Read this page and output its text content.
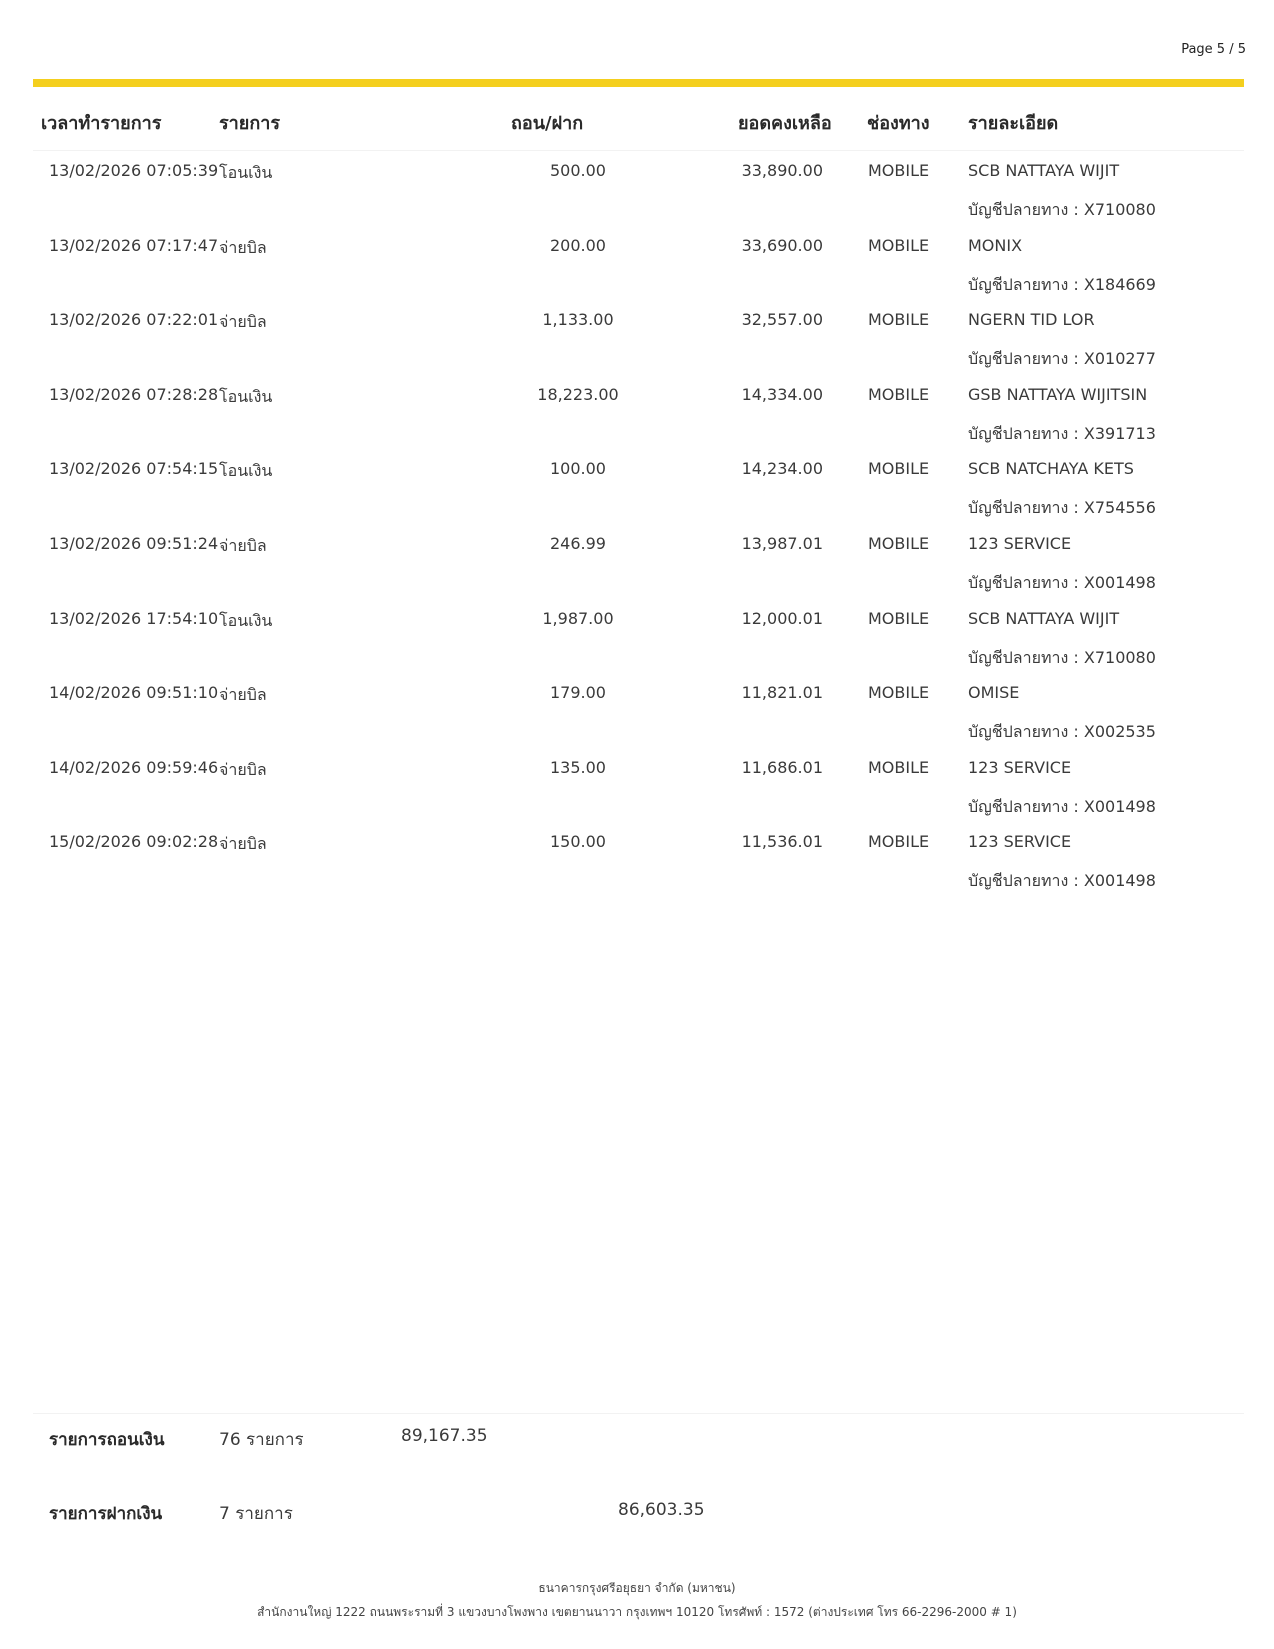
Page 5 / 5
เวลาทำรายการ	รายการ	ถอน/ฝาก	ยอดคงเหลือ ช่องทาง รายละเอียด
13/02/2026 07:05:39 โอนเงิน	500.00	33,890.00	MOBILE SCB NATTAYA WIJIT
บัญชีปลายทาง : X710080
13/02/2026 07:17:47 จ่ายบิล	200.00	33,690.00	MOBILE MONIX
บัญชีปลายทาง : X184669
13/02/2026 07:22:01 จ่ายบิล	1,133.00	32,557.00	MOBILE NGERN TID LOR
บัญชีปลายทาง : X010277
13/02/2026 07:28:28 โอนเงิน	18,223.00	14,334.00	MOBILE GSB NATTAYA WIJITSIN
บัญชีปลายทาง : X391713
13/02/2026 07:54:15 โอนเงิน	100.00	14,234.00	MOBILE SCB NATCHAYA KETS
บัญชีปลายทาง : X754556
13/02/2026 09:51:24 จ่ายบิล	246.99	13,987.01	MOBILE 123 SERVICE
บัญชีปลายทาง : X001498
13/02/2026 17:54:10 โอนเงิน	1,987.00	12,000.01	MOBILE SCB NATTAYA WIJIT
บัญชีปลายทาง : X710080
14/02/2026 09:51:10 จ่ายบิล	179.00	11,821.01	MOBILE OMISE
บัญชีปลายทาง : X002535
14/02/2026 09:59:46 จ่ายบิล	135.00	11,686.01	MOBILE 123 SERVICE
บัญชีปลายทาง : X001498
15/02/2026 09:02:28 จ่ายบิล	150.00	11,536.01	MOBILE 123 SERVICE
บัญชีปลายทาง : X001498
รายการถอนเงิน	76 รายการ	89,167.35
รายการฝากเงิน	7 รายการ	86,603.35
ธนาคารกรุงศรีอยุธยา จำกัด (มหาชน)
สำนักงานใหญ่ 1222 ถนนพระรามที่ 3 แขวงบางโพงพาง เขตยานนาวา กรุงเทพฯ 10120 โทรศัพท์ : 1572 (ต่างประเทศ โทร 66-2296-2000 # 1)
